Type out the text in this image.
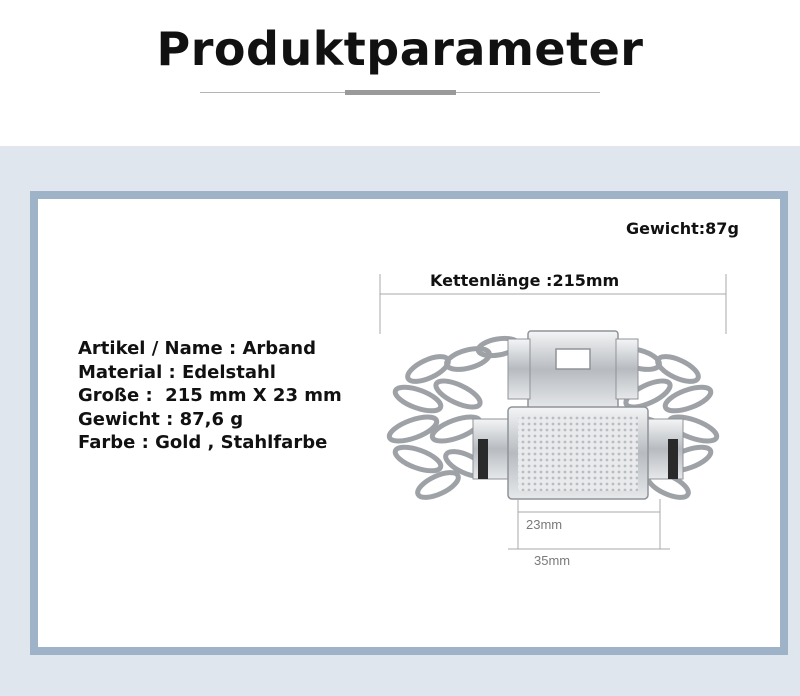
Produktparameter
Artikel / Name : Arband
Material : Edelstahl
Große :  215 mm X 23 mm
Gewicht : 87,6 g
Farbe : Gold , Stahlfarbe
Gewicht:87g
Kettenlänge :215mm
23mm
35mm
